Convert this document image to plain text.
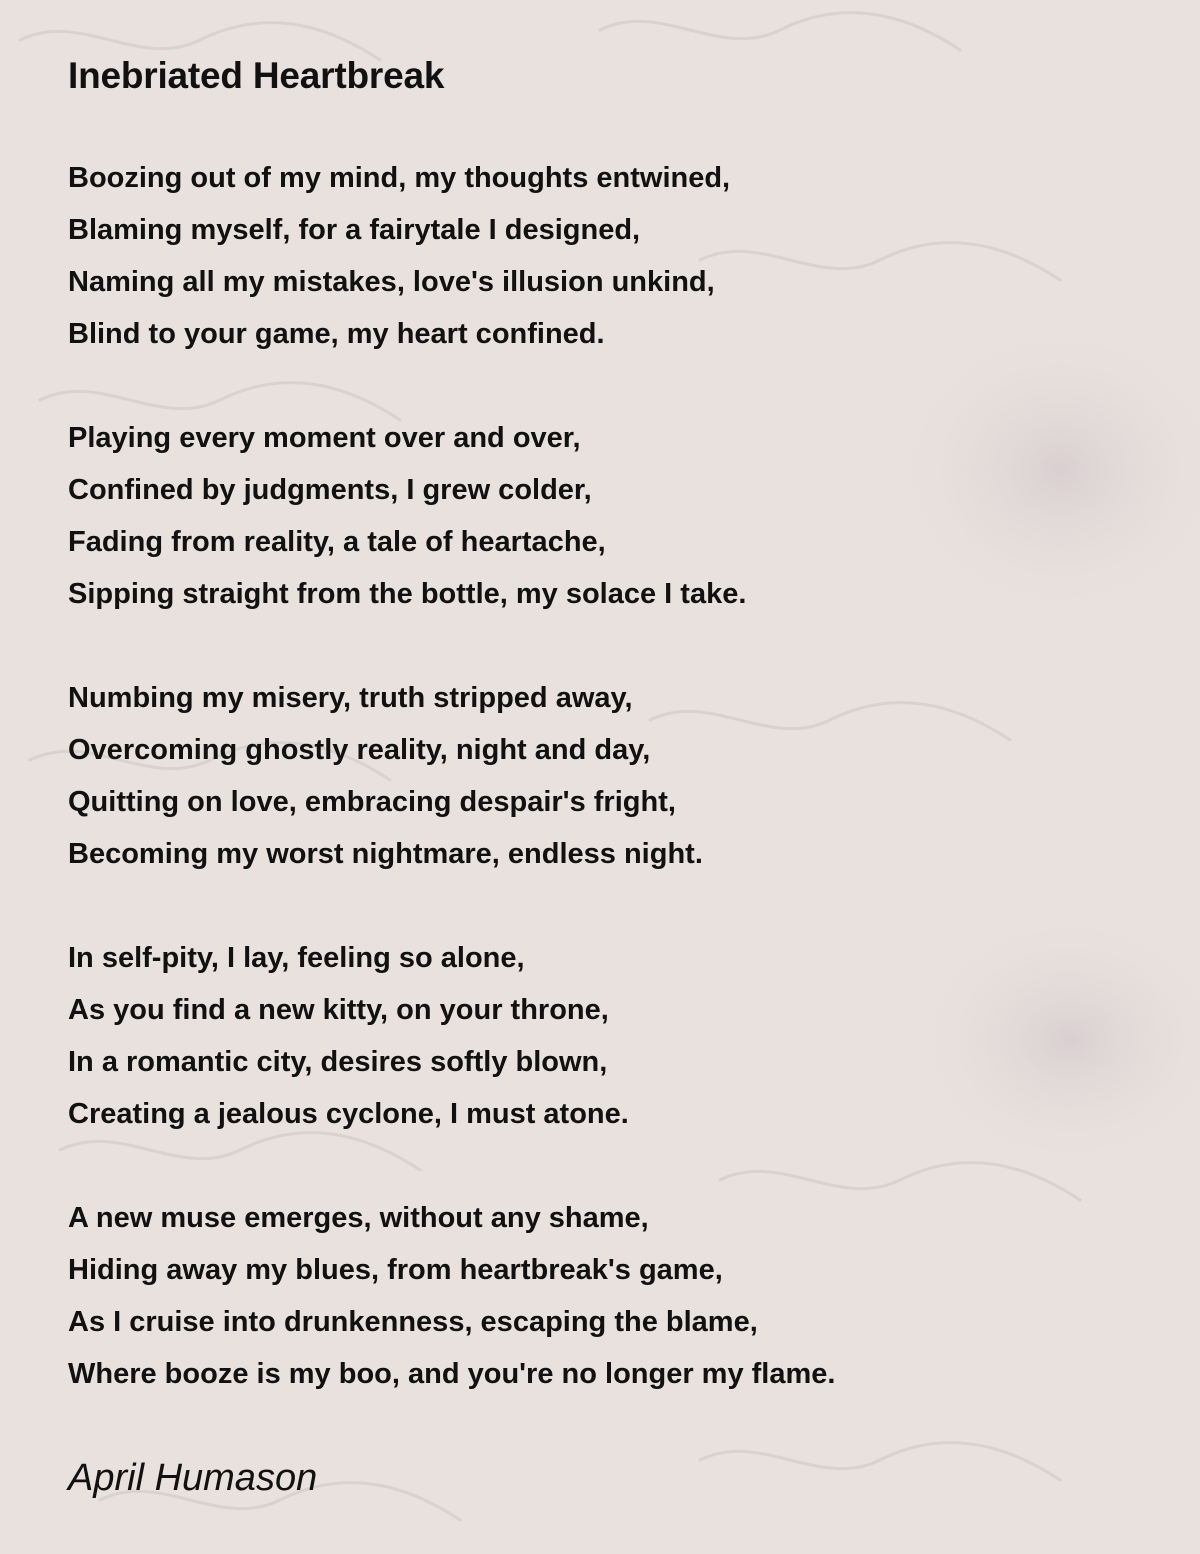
Inebriated Heartbreak
Boozing out of my mind, my thoughts entwined,
Blaming myself, for a fairytale I designed,
Naming all my mistakes, love's illusion unkind,
Blind to your game, my heart confined.
Playing every moment over and over,
Confined by judgments, I grew colder,
Fading from reality, a tale of heartache,
Sipping straight from the bottle, my solace I take.
Numbing my misery, truth stripped away,
Overcoming ghostly reality, night and day,
Quitting on love, embracing despair's fright,
Becoming my worst nightmare, endless night.
In self-pity, I lay, feeling so alone,
As you find a new kitty, on your throne,
In a romantic city, desires softly blown,
Creating a jealous cyclone, I must atone.
A new muse emerges, without any shame,
Hiding away my blues, from heartbreak's game,
As I cruise into drunkenness, escaping the blame,
Where booze is my boo, and you're no longer my flame.
April Humason
